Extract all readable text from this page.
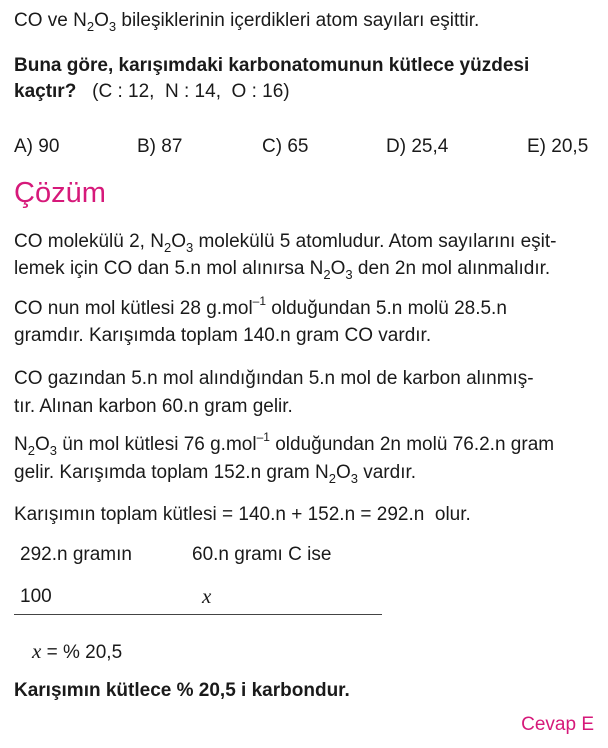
CO ve $N_2O_3$ bileşiklerinin içerdikleri atom sayıları eşittir.
Buna göre, karışımdaki karbonatomunun kütlece yüzdesi
kaçtır?   (C : 12,  N : 14,  O : 16)
A) 90	B) 87	C) 65	D) 25,4	E) 20,5
Çözüm
CO molekülü 2, $N_2O_3$ molekülü 5 atomludur. Atom sayılarını eşit-
lemek için CO dan 5.n mol alınırsa $N_2O_3$ den 2n mol alınmalıdır.
CO nun mol kütlesi 28 g.mol$^{-1}$ olduğundan 5.n molü 28.5.n
gramdır. Karışımda toplam 140.n gram CO vardır.
CO gazından 5.n mol alındığından 5.n mol de karbon alınmış-
tır. Alınan karbon 60.n gram gelir.
$N_2O_3$ ün mol kütlesi 76 g.mol$^{-1}$ olduğundan 2n molü 76.2.n gram
gelir. Karışımda toplam 152.n gram $N_2O_3$ vardır.
Karışımın toplam kütlesi = 140.n + 152.n = 292.n  olur.
292.n gramın	60.n gramı C ise
100	x
x = % 20,5
Karışımın kütlece % 20,5 i karbondur.
Cevap E
